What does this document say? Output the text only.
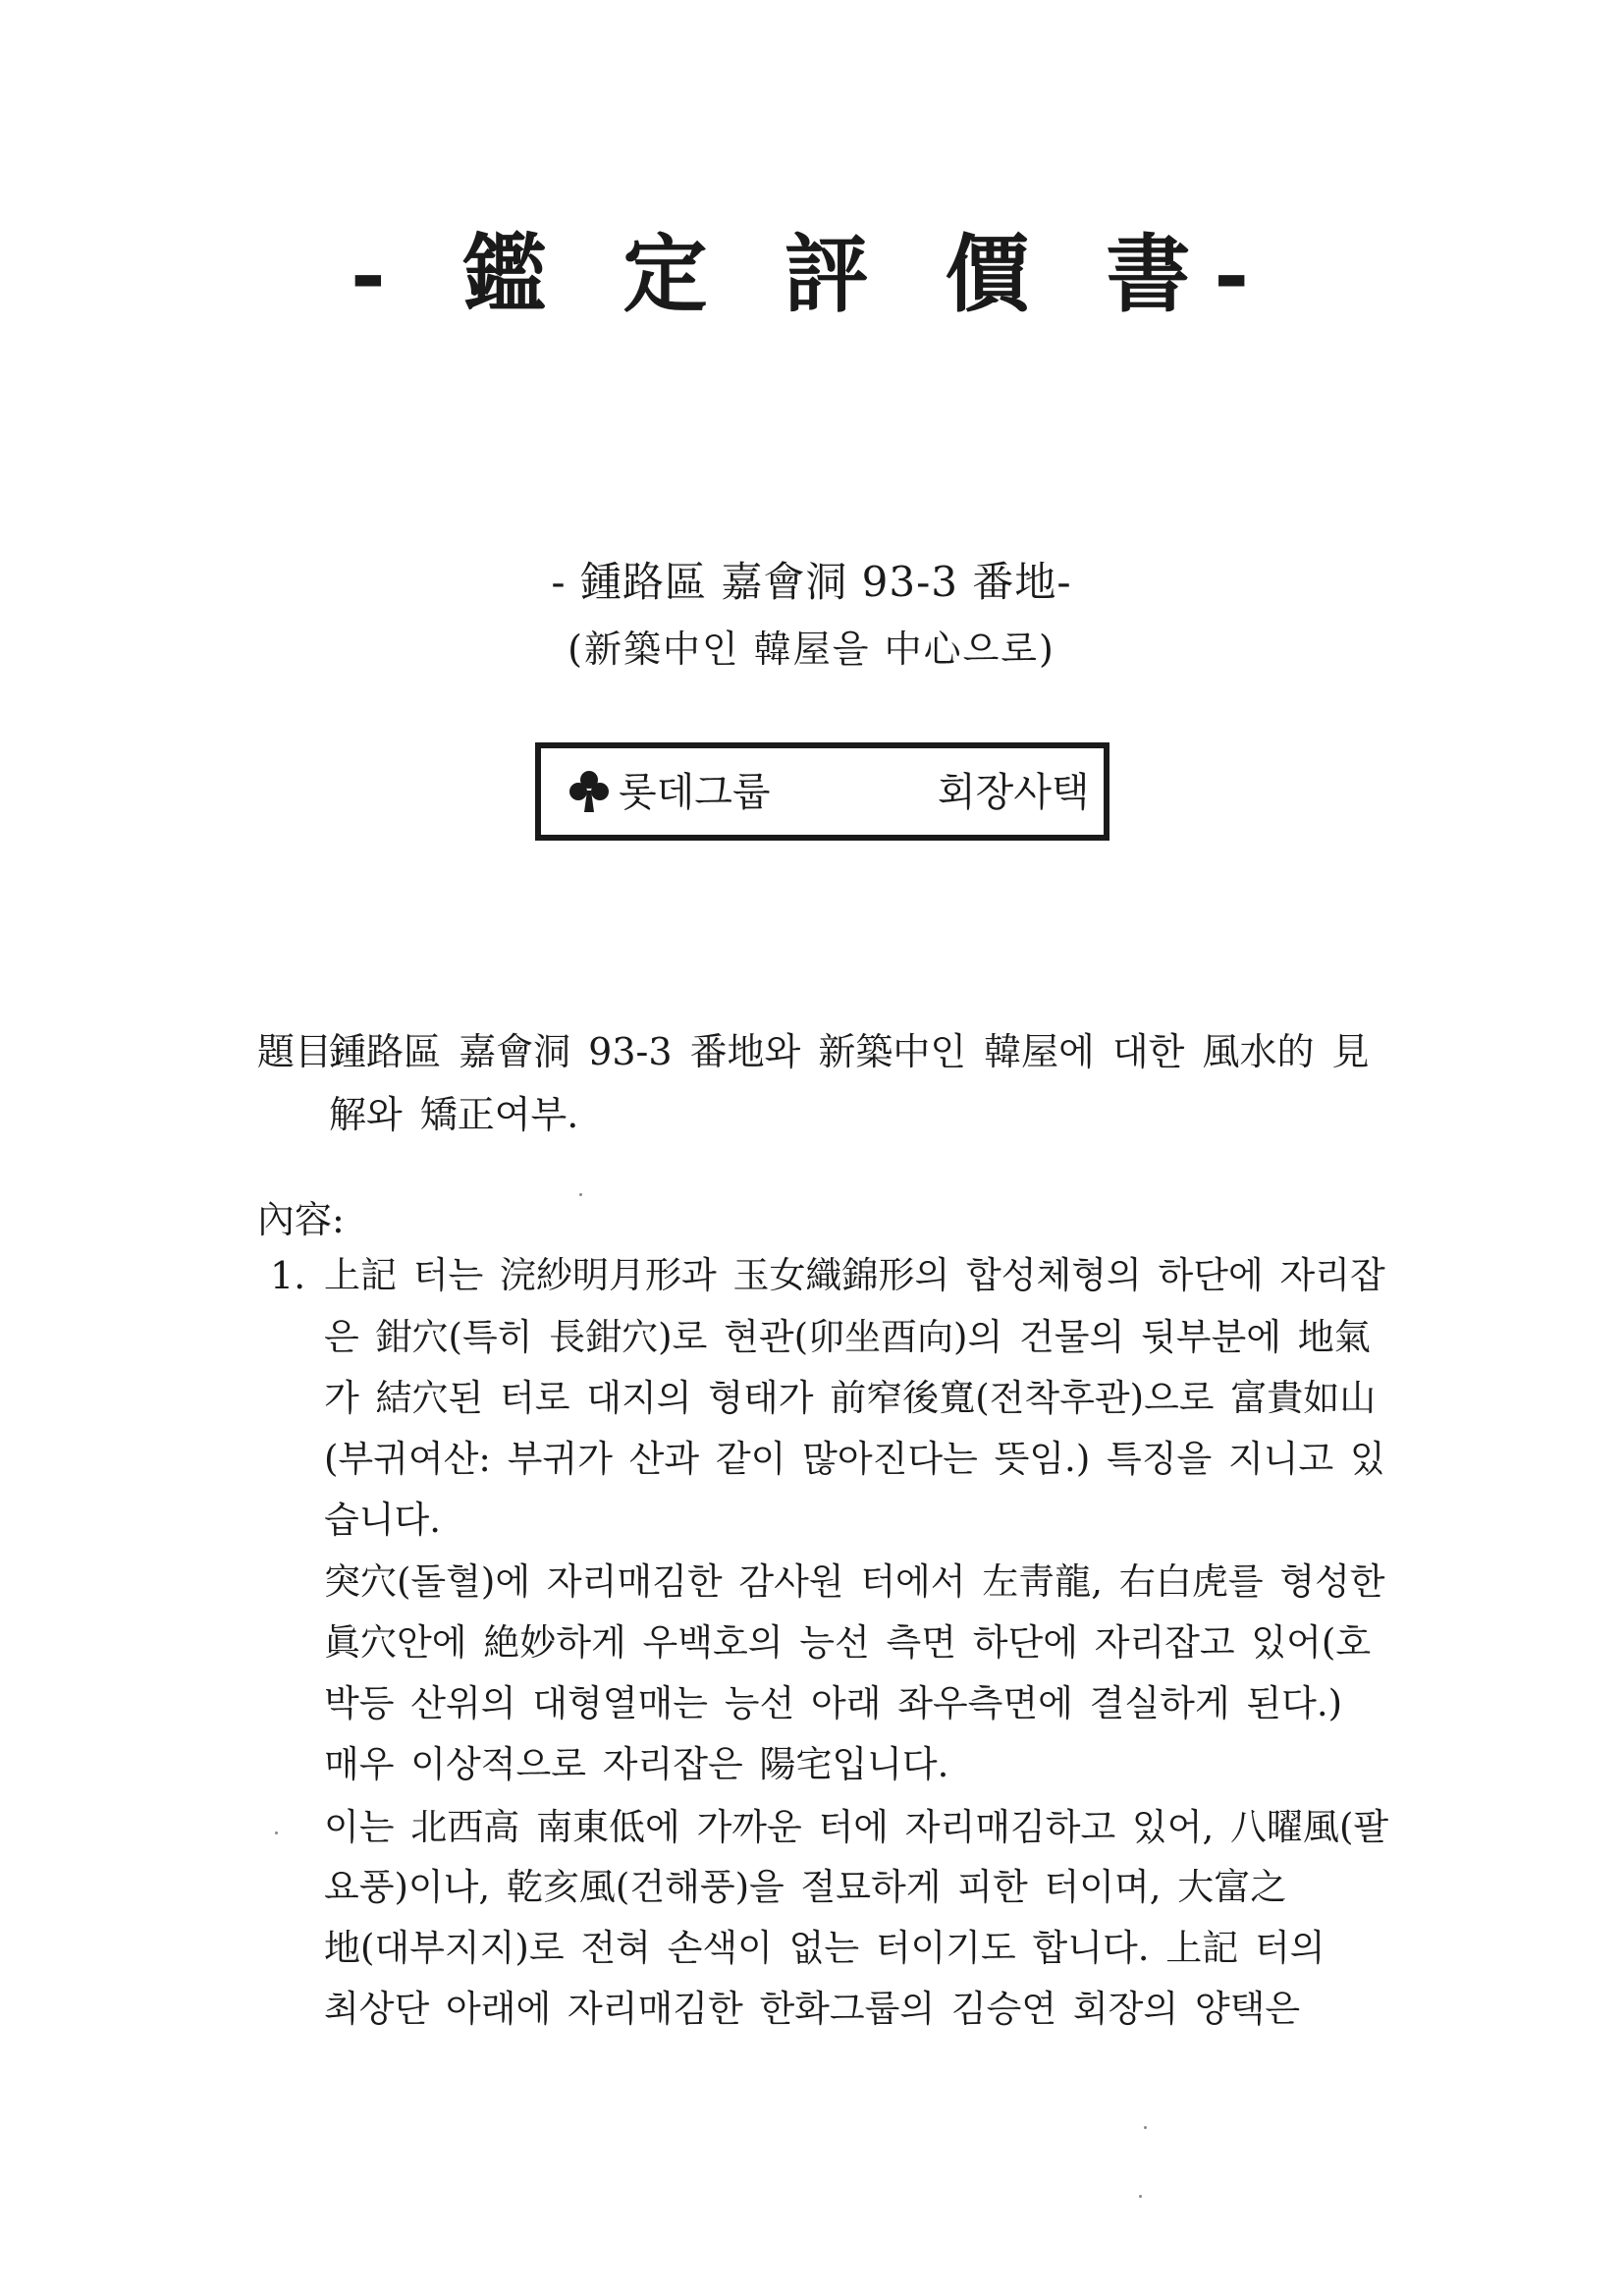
- 鑑 定 評 價 書-
- 鍾路區 嘉會洞 93-3 番地-
(新築中인 韓屋을 中心으로)
롯데그룹	회장사택
題目:
鍾路區 嘉會洞 93-3 番地와 新築中인 韓屋에 대한 風水的 見
解와 矯正여부.
內容:
1. 上記 터는 浣紗明月形과 玉女織錦形의 합성체형의 하단에 자리잡
은 鉗穴(특히 長鉗穴)로 현관(卯坐酉向)의 건물의 뒷부분에 地氣
가 結穴된 터로 대지의 형태가 前窄後寬(전착후관)으로 富貴如山
(부귀여산: 부귀가 산과 같이 많아진다는 뜻임.) 특징을 지니고 있
습니다.
突穴(돌혈)에 자리매김한 감사원 터에서 左靑龍, 右白虎를 형성한
眞穴안에 絶妙하게 우백호의 능선 측면 하단에 자리잡고 있어(호
박등 산위의 대형열매는 능선 아래 좌우측면에 결실하게 된다.)
매우 이상적으로 자리잡은 陽宅입니다.
이는 北西高 南東低에 가까운 터에 자리매김하고 있어, 八曜風(팔
요풍)이나, 乾亥風(건해풍)을 절묘하게 피한 터이며, 大富之
地(대부지지)로 전혀 손색이 없는 터이기도 합니다. 上記 터의
최상단 아래에 자리매김한 한화그룹의 김승연 회장의 양택은
